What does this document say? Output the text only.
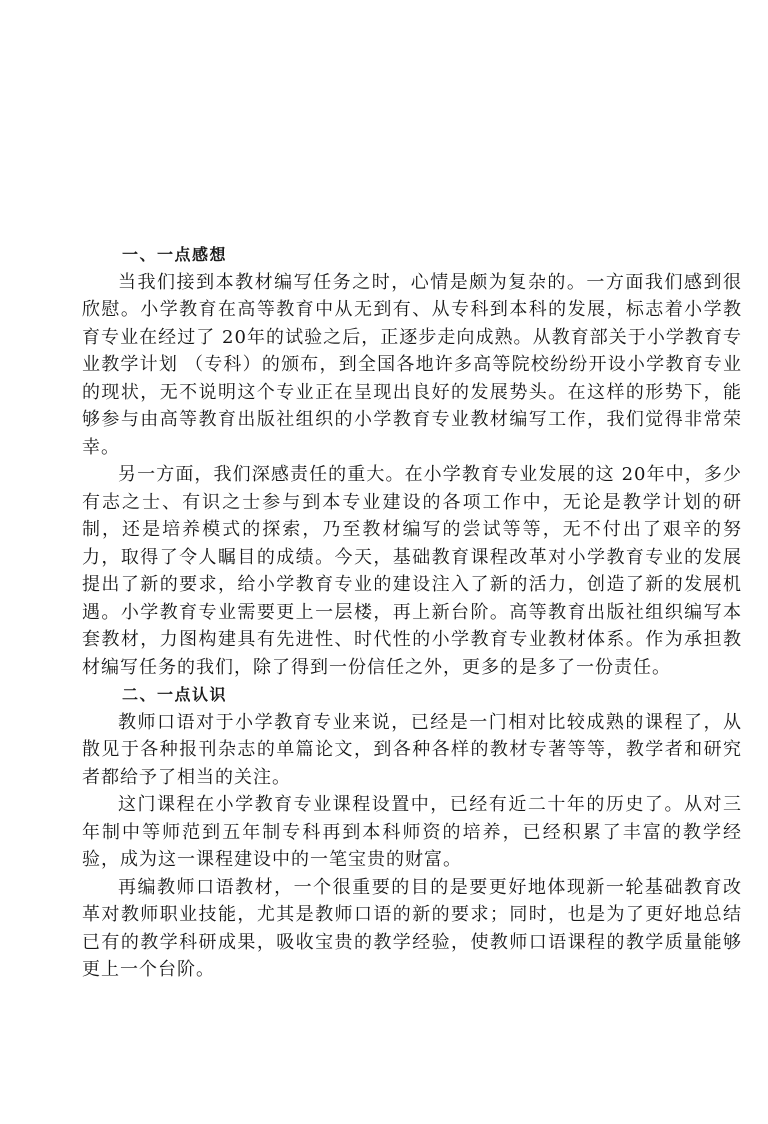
一、一点感想

当我们接到本教材编写任务之时，心情是颇为复杂的。一方面我们感到很欣慰。小学教育在高等教育中从无到有、从专科到本科的发展，标志着小学教育专业在经过了 20年的试验之后，正逐步走向成熟。从教育部关于小学教育专业教学计划 （专科）的颁布，到全国各地许多高等院校纷纷开设小学教育专业的现状，无不说明这个专业正在呈现出良好的发展势头。在这样的形势下，能够参与由高等教育出版社组织的小学教育专业教材编写工作，我们觉得非常荣幸。

另一方面，我们深感责任的重大。在小学教育专业发展的这 20年中，多少有志之士、有识之士参与到本专业建设的各项工作中，无论是教学计划的研制，还是培养模式的探索，乃至教材编写的尝试等等，无不付出了艰辛的努力，取得了令人瞩目的成绩。今天，基础教育课程改革对小学教育专业的发展提出了新的要求，给小学教育专业的建设注入了新的活力，创造了新的发展机遇。小学教育专业需要更上一层楼，再上新台阶。高等教育出版社组织编写本套教材，力图构建具有先进性、时代性的小学教育专业教材体系。作为承担教材编写任务的我们，除了得到一份信任之外，更多的是多了一份责任。

二、一点认识

教师口语对于小学教育专业来说，已经是一门相对比较成熟的课程了，从散见于各种报刊杂志的单篇论文，到各种各样的教材专著等等，教学者和研究者都给予了相当的关注。

这门课程在小学教育专业课程设置中，已经有近二十年的历史了。从对三年制中等师范到五年制专科再到本科师资的培养，已经积累了丰富的教学经验，成为这一课程建设中的一笔宝贵的财富。

再编教师口语教材，一个很重要的目的是要更好地体现新一轮基础教育改革对教师职业技能，尤其是教师口语的新的要求；同时，也是为了更好地总结已有的教学科研成果，吸收宝贵的教学经验，使教师口语课程的教学质量能够更上一个台阶。
